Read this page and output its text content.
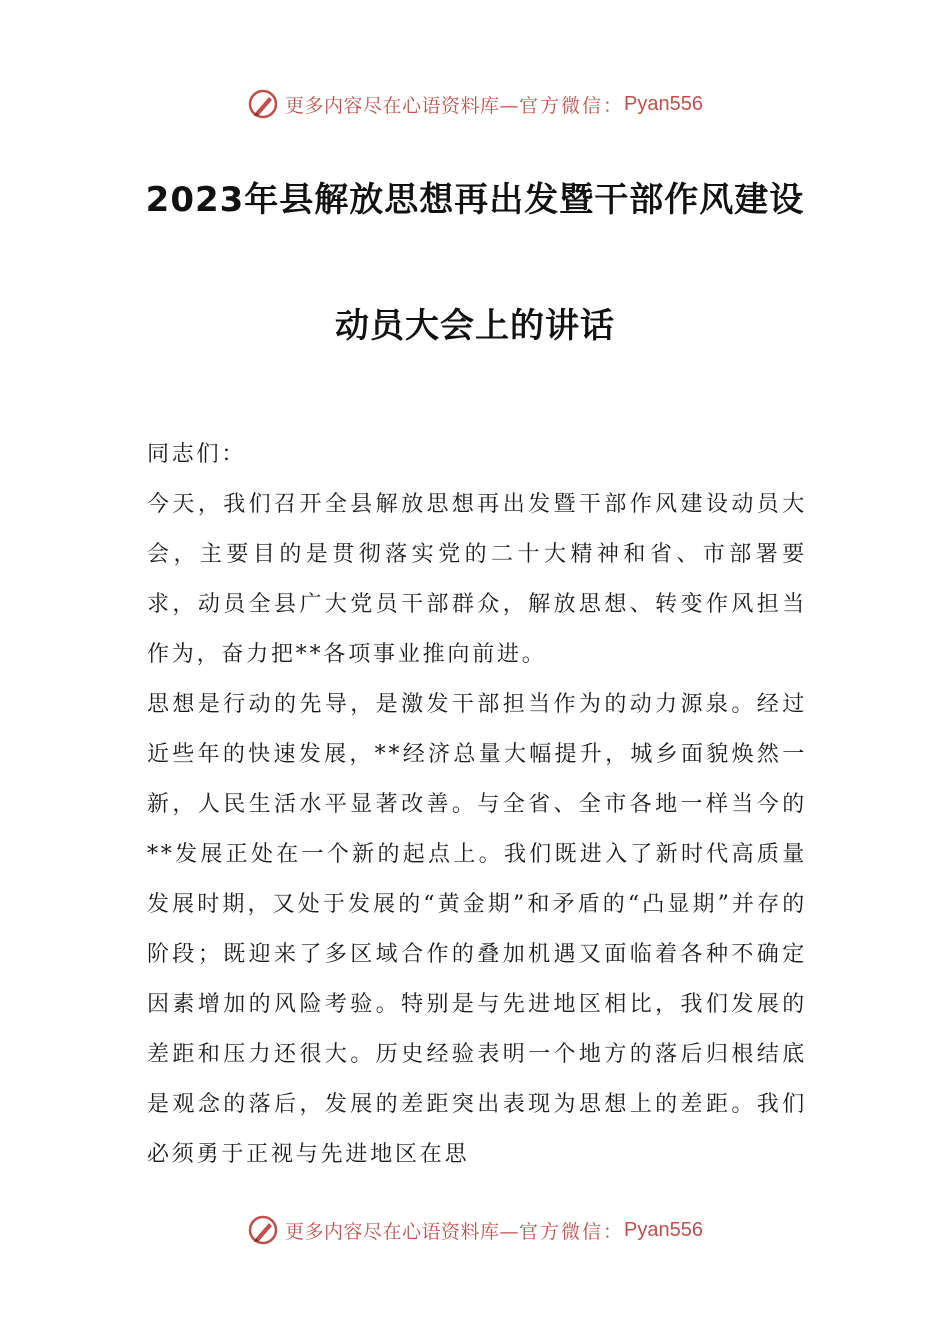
更多内容尽在心语资料库— 官方微信： Pyan556
2023年县解放思想再出发暨干部作风建设
动员大会上的讲话

同志们：

今天，我们召开全县解放思想再出发暨干部作风建设动员大会，主要目的是贯彻落实党的二十大精神和省、市部署要求，动员全县广大党员干部群众，解放思想、转变作风担当作为，奋力把**各项事业推向前进。

思想是行动的先导，是激发干部担当作为的动力源泉。经过近些年的快速发展，**经济总量大幅提升，城乡面貌焕然一新，人民生活水平显著改善。与全省、全市各地一样当今的**发展正处在一个新的起点上。我们既进入了新时代高质量发展时期，又处于发展的“黄金期”和矛盾的“凸显期”并存的阶段；既迎来了多区域合作的叠加机遇又面临着各种不确定因素增加的风险考验。特别是与先进地区相比，我们发展的差距和压力还很大。历史经验表明一个地方的落后归根结底是观念的落后，发展的差距突出表现为思想上的差距。我们必须勇于正视与先进地区在思

更多内容尽在心语资料库— 官方微信： Pyan556
